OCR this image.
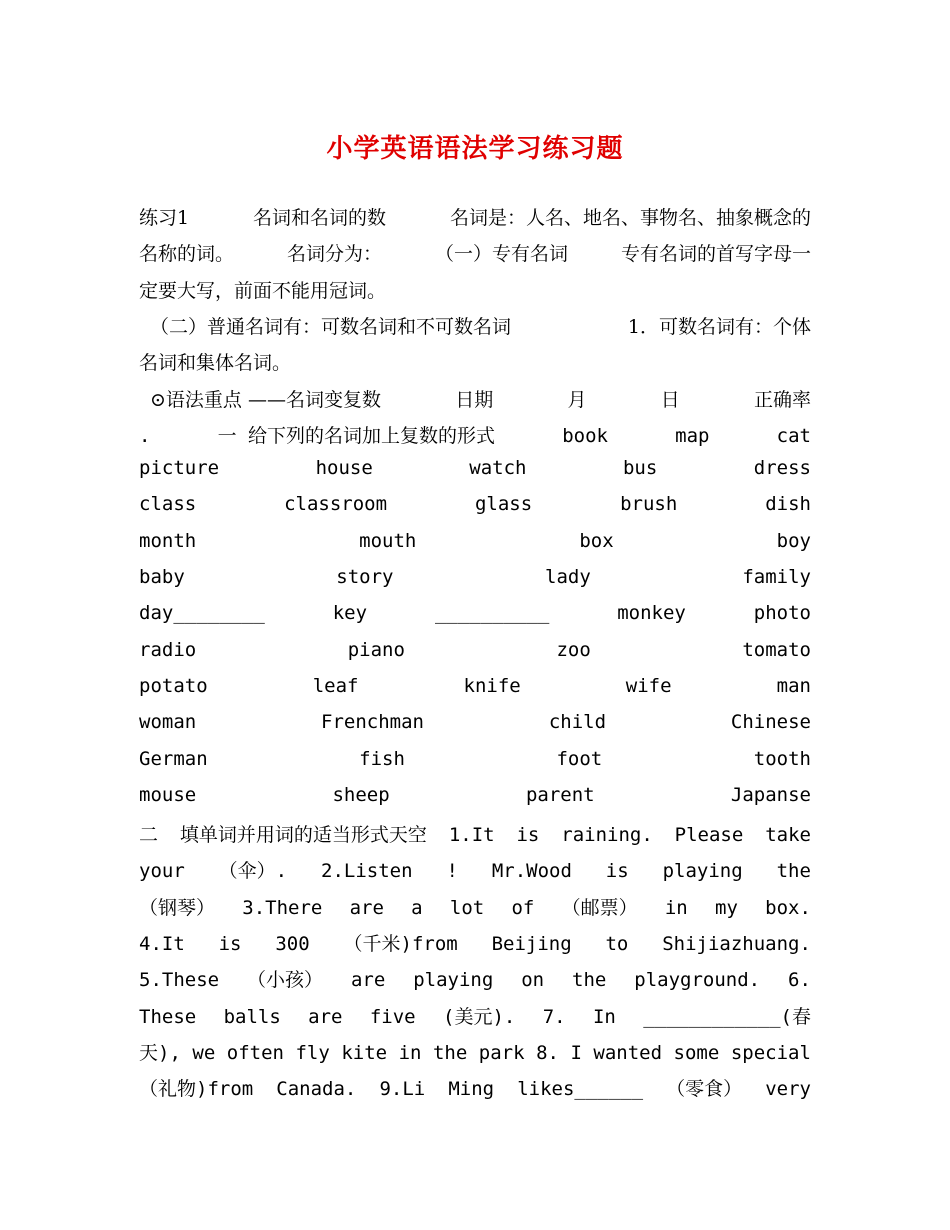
小学英语语法学习练习题
练习1	名词和名词的数	名词是：人名、地名、事物名、抽象概念的
名称的词。	名词分为：	（一）专有名词	专有名词的首写字母一
定要大写，前面不能用冠词。
（二）普通名词有：可数名词和不可数名词	1．可数名词有：个体
名词和集体名词。
⊙语法重点 ——名词变复数	日期	月	日	正确率
.	一 给下列的名词加上复数的形式	book	map	cat
picture	house	watch	bus	dress
class	classroom	glass	brush	dish
month	mouth	box	boy
baby	story	lady	family
day________	key	__________	monkey	photo
radio	piano	zoo	tomato
potato	leaf	knife	wife	man
woman	Frenchman	child	Chinese
German	fish	foot	tooth
mouse	sheep	parent	Japanse
二 填单词并用词的适当形式天空 1.It is raining. Please take
your （伞）. 2.Listen ! Mr.Wood is playing the
（钢琴） 3.There are a lot of （邮票） in my box.
4.It is 300 （千米)from Beijing to Shijiazhuang.
5.These （小孩） are playing on the playground. 6.
These balls are five (美元). 7. In ____________(春
天), we often fly kite in the park 8. I wanted some special
（礼物)from Canada. 9.Li Ming likes______ （零食） very
